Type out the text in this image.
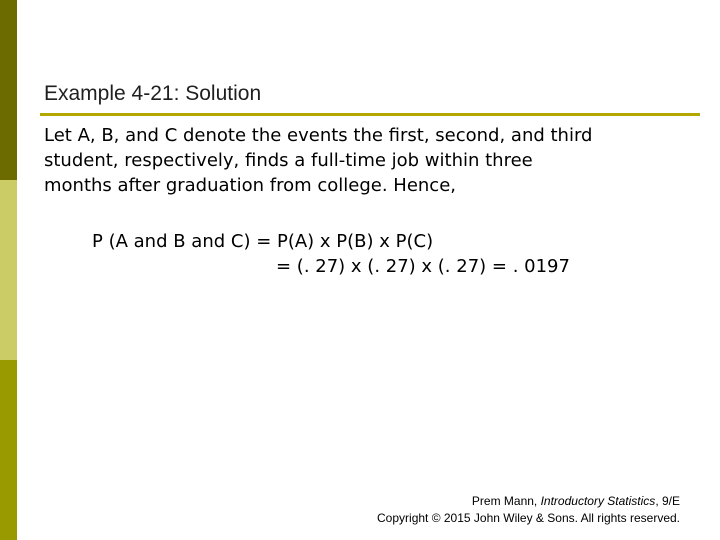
Example 4-21: Solution
Let A, B, and C denote the events the first, second, and third
student, respectively, finds a full-time job within three
months after graduation from college. Hence,
P (A and B and C) = P(A) x P(B) x P(C)
= (. 27) x (. 27) x (. 27) = . 0197
Prem Mann, Introductory Statistics, 9/E
Copyright © 2015 John Wiley & Sons. All rights reserved.
